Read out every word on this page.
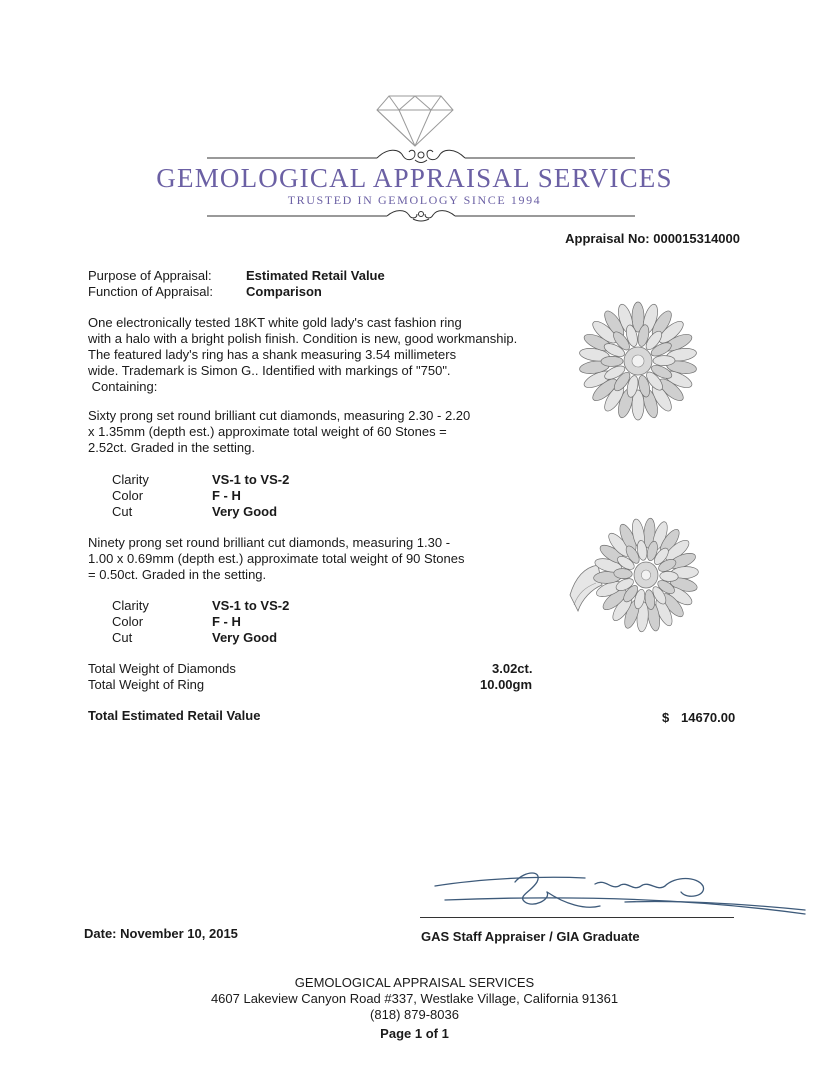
GEMOLOGICAL APPRAISAL SERVICES
TRUSTED IN GEMOLOGY SINCE 1994
Appraisal No: 000015314000
Purpose of Appraisal:	Estimated Retail Value
Function of Appraisal:	Comparison
One electronically tested 18KT white gold lady's cast fashion ring
with a halo with a bright polish finish. Condition is new, good workmanship.
The featured lady's ring has a shank measuring 3.54 millimeters
wide. Trademark is Simon G.. Identified with markings of "750".
Containing:
Sixty prong set round brilliant cut diamonds, measuring 2.30 - 2.20
x 1.35mm (depth est.) approximate total weight of 60 Stones =
2.52ct. Graded in the setting.
Clarity	VS-1 to VS-2
Color	F - H
Cut	Very Good
Ninety prong set round brilliant cut diamonds, measuring 1.30 -
1.00 x 0.69mm (depth est.) approximate total weight of 90 Stones
= 0.50ct. Graded in the setting.
Clarity	VS-1 to VS-2
Color	F - H
Cut	Very Good
Total Weight of Diamonds	3.02ct.
Total Weight of Ring	10.00gm
Total Estimated Retail Value	$ 14670.00
Date: November 10, 2015	GAS Staff Appraiser / GIA Graduate
GEMOLOGICAL APPRAISAL SERVICES
4607 Lakeview Canyon Road #337, Westlake Village, California 91361
(818) 879-8036
Page 1 of 1
